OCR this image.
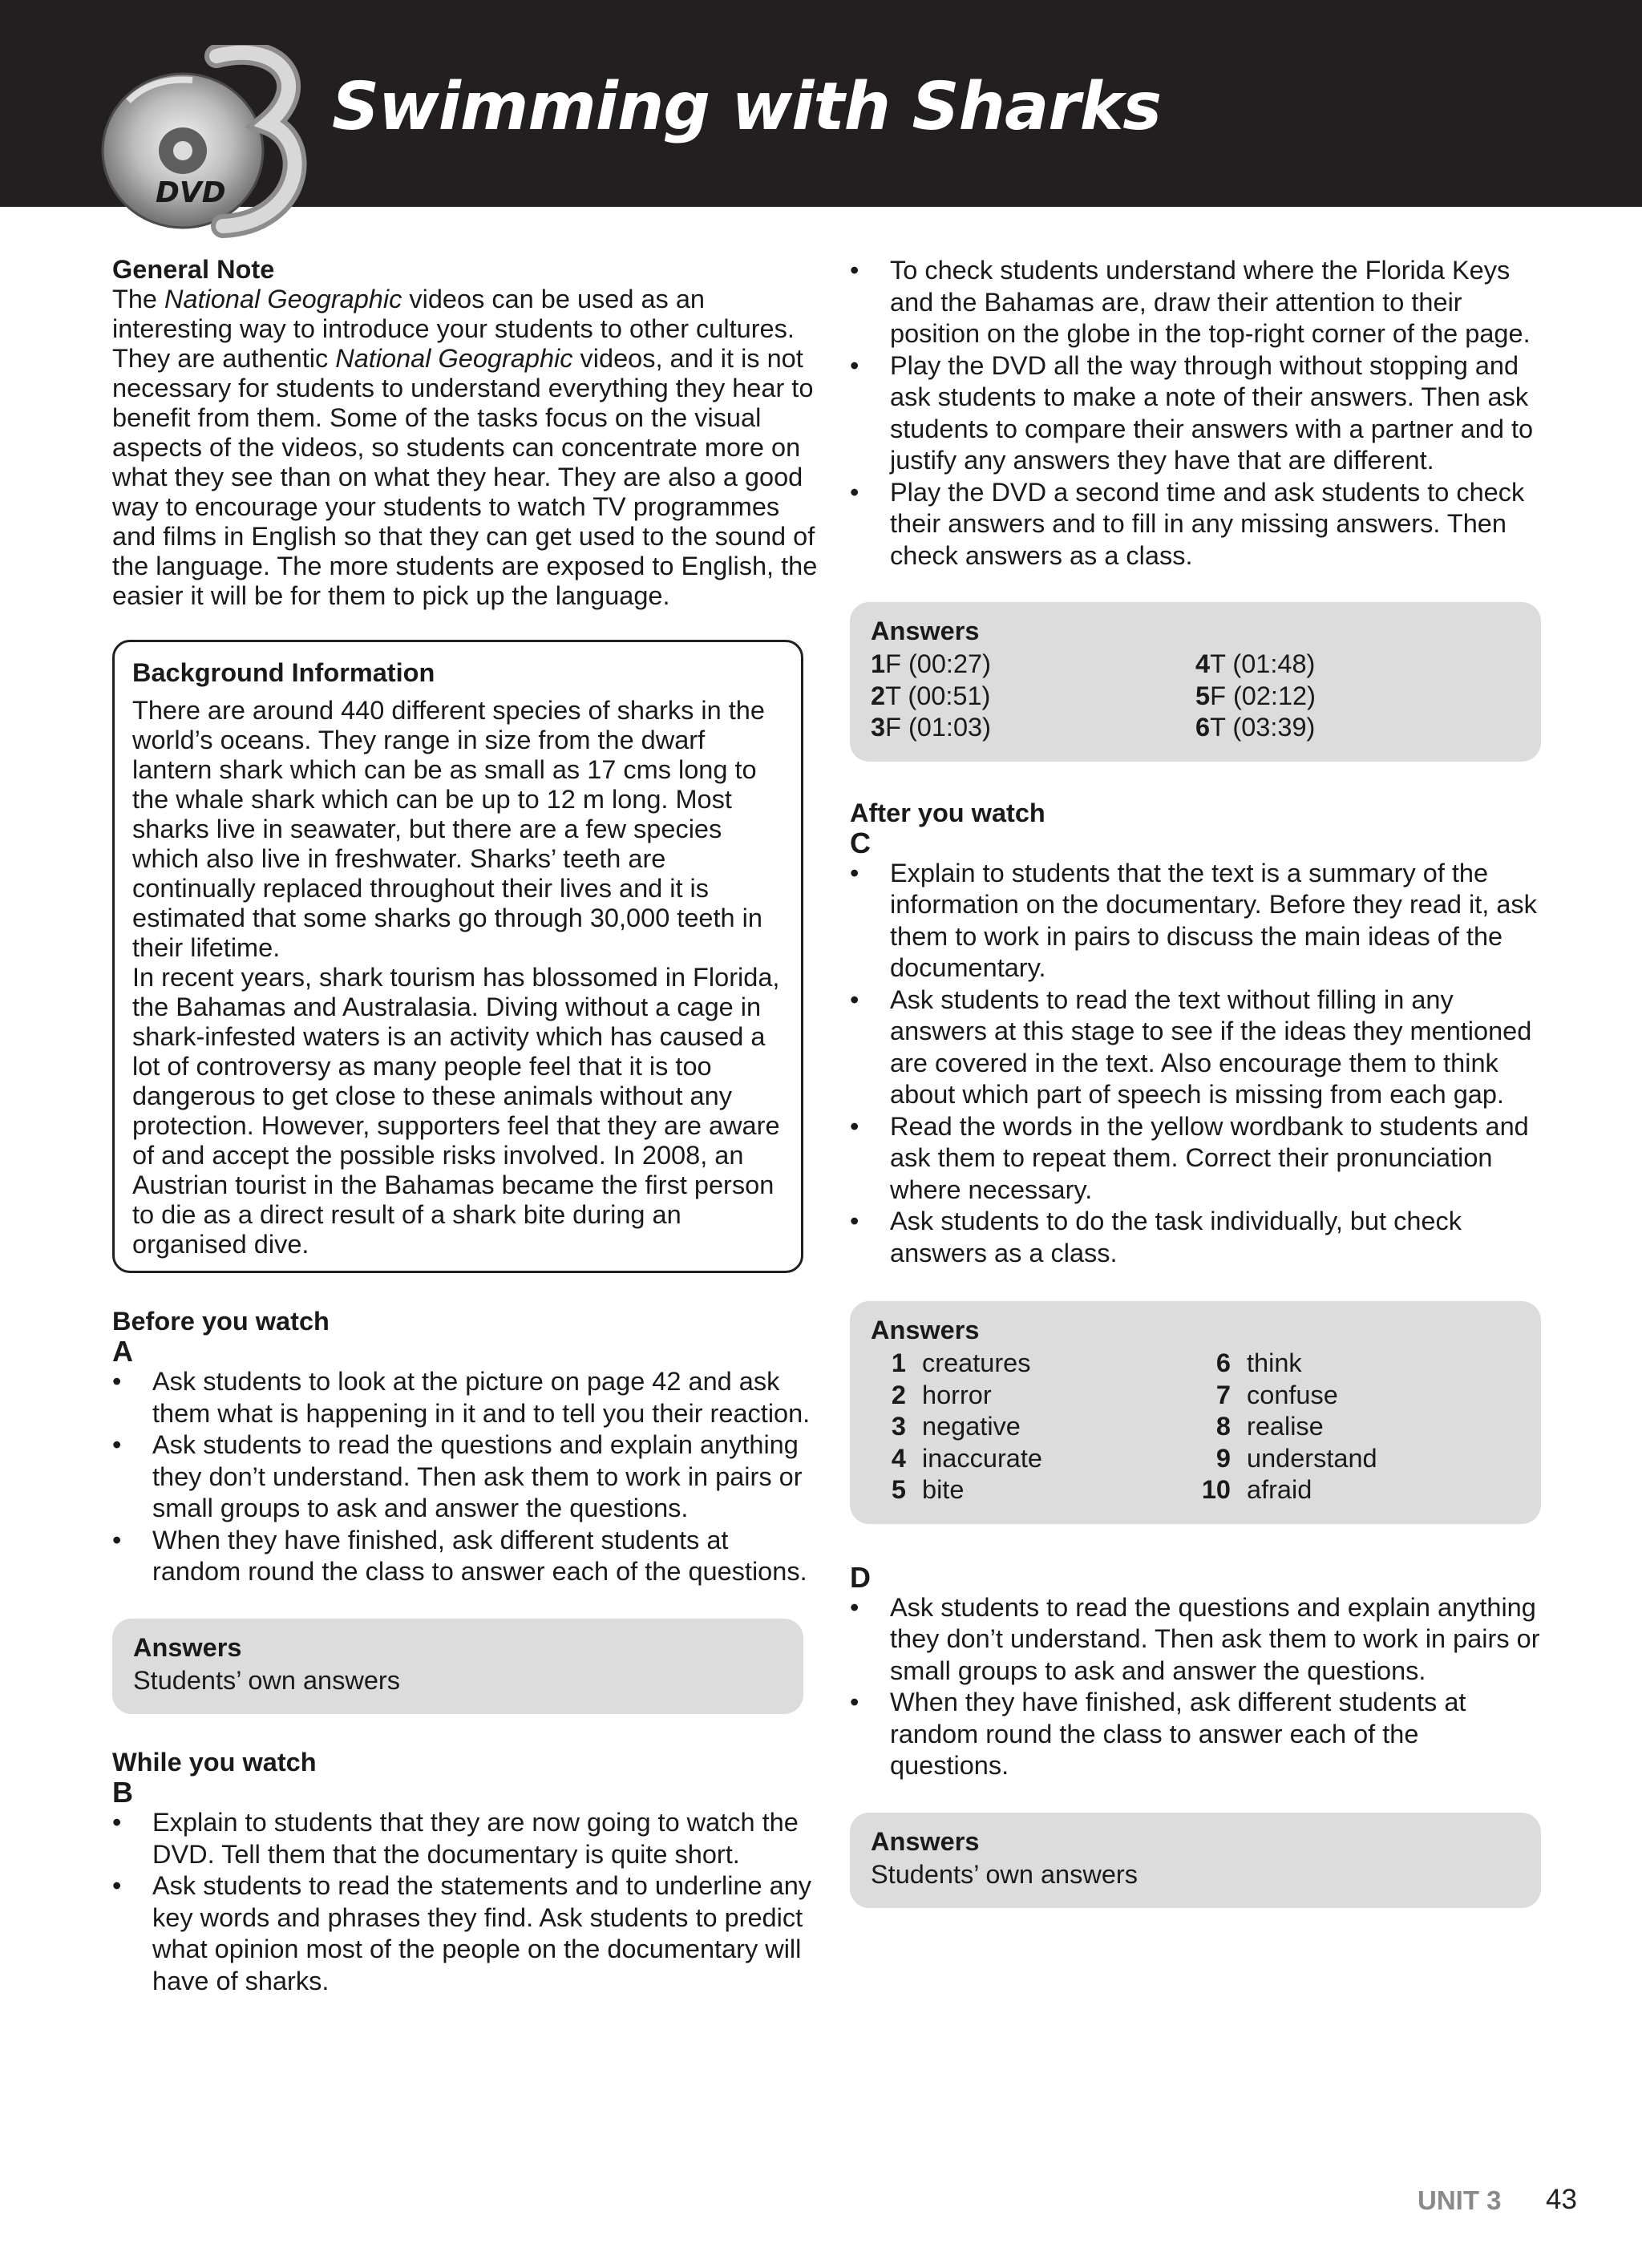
DVD
Swimming with Sharks
General Note
The National Geographic videos can be used as an interesting way to introduce your students to other cultures. They are authentic National Geographic videos, and it is not necessary for students to understand everything they hear to benefit from them. Some of the tasks focus on the visual aspects of the videos, so students can concentrate more on what they see than on what they hear. They are also a good way to encourage your students to watch TV programmes and films in English so that they can get used to the sound of the language. The more students are exposed to English, the easier it will be for them to pick up the language.
Background Information
There are around 440 different species of sharks in the world’s oceans. They range in size from the dwarf lantern shark which can be as small as 17 cms long to the whale shark which can be up to 12 m long. Most sharks live in seawater, but there are a few species which also live in freshwater. Sharks’ teeth are continually replaced throughout their lives and it is estimated that some sharks go through 30,000 teeth in their lifetime.
In recent years, shark tourism has blossomed in Florida, the Bahamas and Australasia. Diving without a cage in shark-infested waters is an activity which has caused a lot of controversy as many people feel that it is too dangerous to get close to these animals without any protection. However, supporters feel that they are aware of and accept the possible risks involved. In 2008, an Austrian tourist in the Bahamas became the first person to die as a direct result of a shark bite during an organised dive.
Before you watch
A
• Ask students to look at the picture on page 42 and ask them what is happening in it and to tell you their reaction.
• Ask students to read the questions and explain anything they don’t understand. Then ask them to work in pairs or small groups to ask and answer the questions.
• When they have finished, ask different students at random round the class to answer each of the questions.
Answers
Students’ own answers
While you watch
B
• Explain to students that they are now going to watch the DVD. Tell them that the documentary is quite short.
• Ask students to read the statements and to underline any key words and phrases they find. Ask students to predict what opinion most of the people on the documentary will have of sharks.
• To check students understand where the Florida Keys and the Bahamas are, draw their attention to their position on the globe in the top-right corner of the page.
• Play the DVD all the way through without stopping and ask students to make a note of their answers. Then ask students to compare their answers with a partner and to justify any answers they have that are different.
• Play the DVD a second time and ask students to check their answers and to fill in any missing answers. Then check answers as a class.
Answers
1F (00:27)
2T (00:51)
3F (01:03)
4T (01:48)
5F (02:12)
6T (03:39)
After you watch
C
• Explain to students that the text is a summary of the information on the documentary. Before they read it, ask them to work in pairs to discuss the main ideas of the documentary.
• Ask students to read the text without filling in any answers at this stage to see if the ideas they mentioned are covered in the text. Also encourage them to think about which part of speech is missing from each gap.
• Read the words in the yellow wordbank to students and ask them to repeat them. Correct their pronunciation where necessary.
• Ask students to do the task individually, but check answers as a class.
Answers
1 creatures
2 horror
3 negative
4 inaccurate
5 bite
6 think
7 confuse
8 realise
9 understand
10 afraid
D
• Ask students to read the questions and explain anything they don’t understand. Then ask them to work in pairs or small groups to ask and answer the questions.
• When they have finished, ask different students at random round the class to answer each of the questions.
Answers
Students’ own answers
UNIT 3 43
